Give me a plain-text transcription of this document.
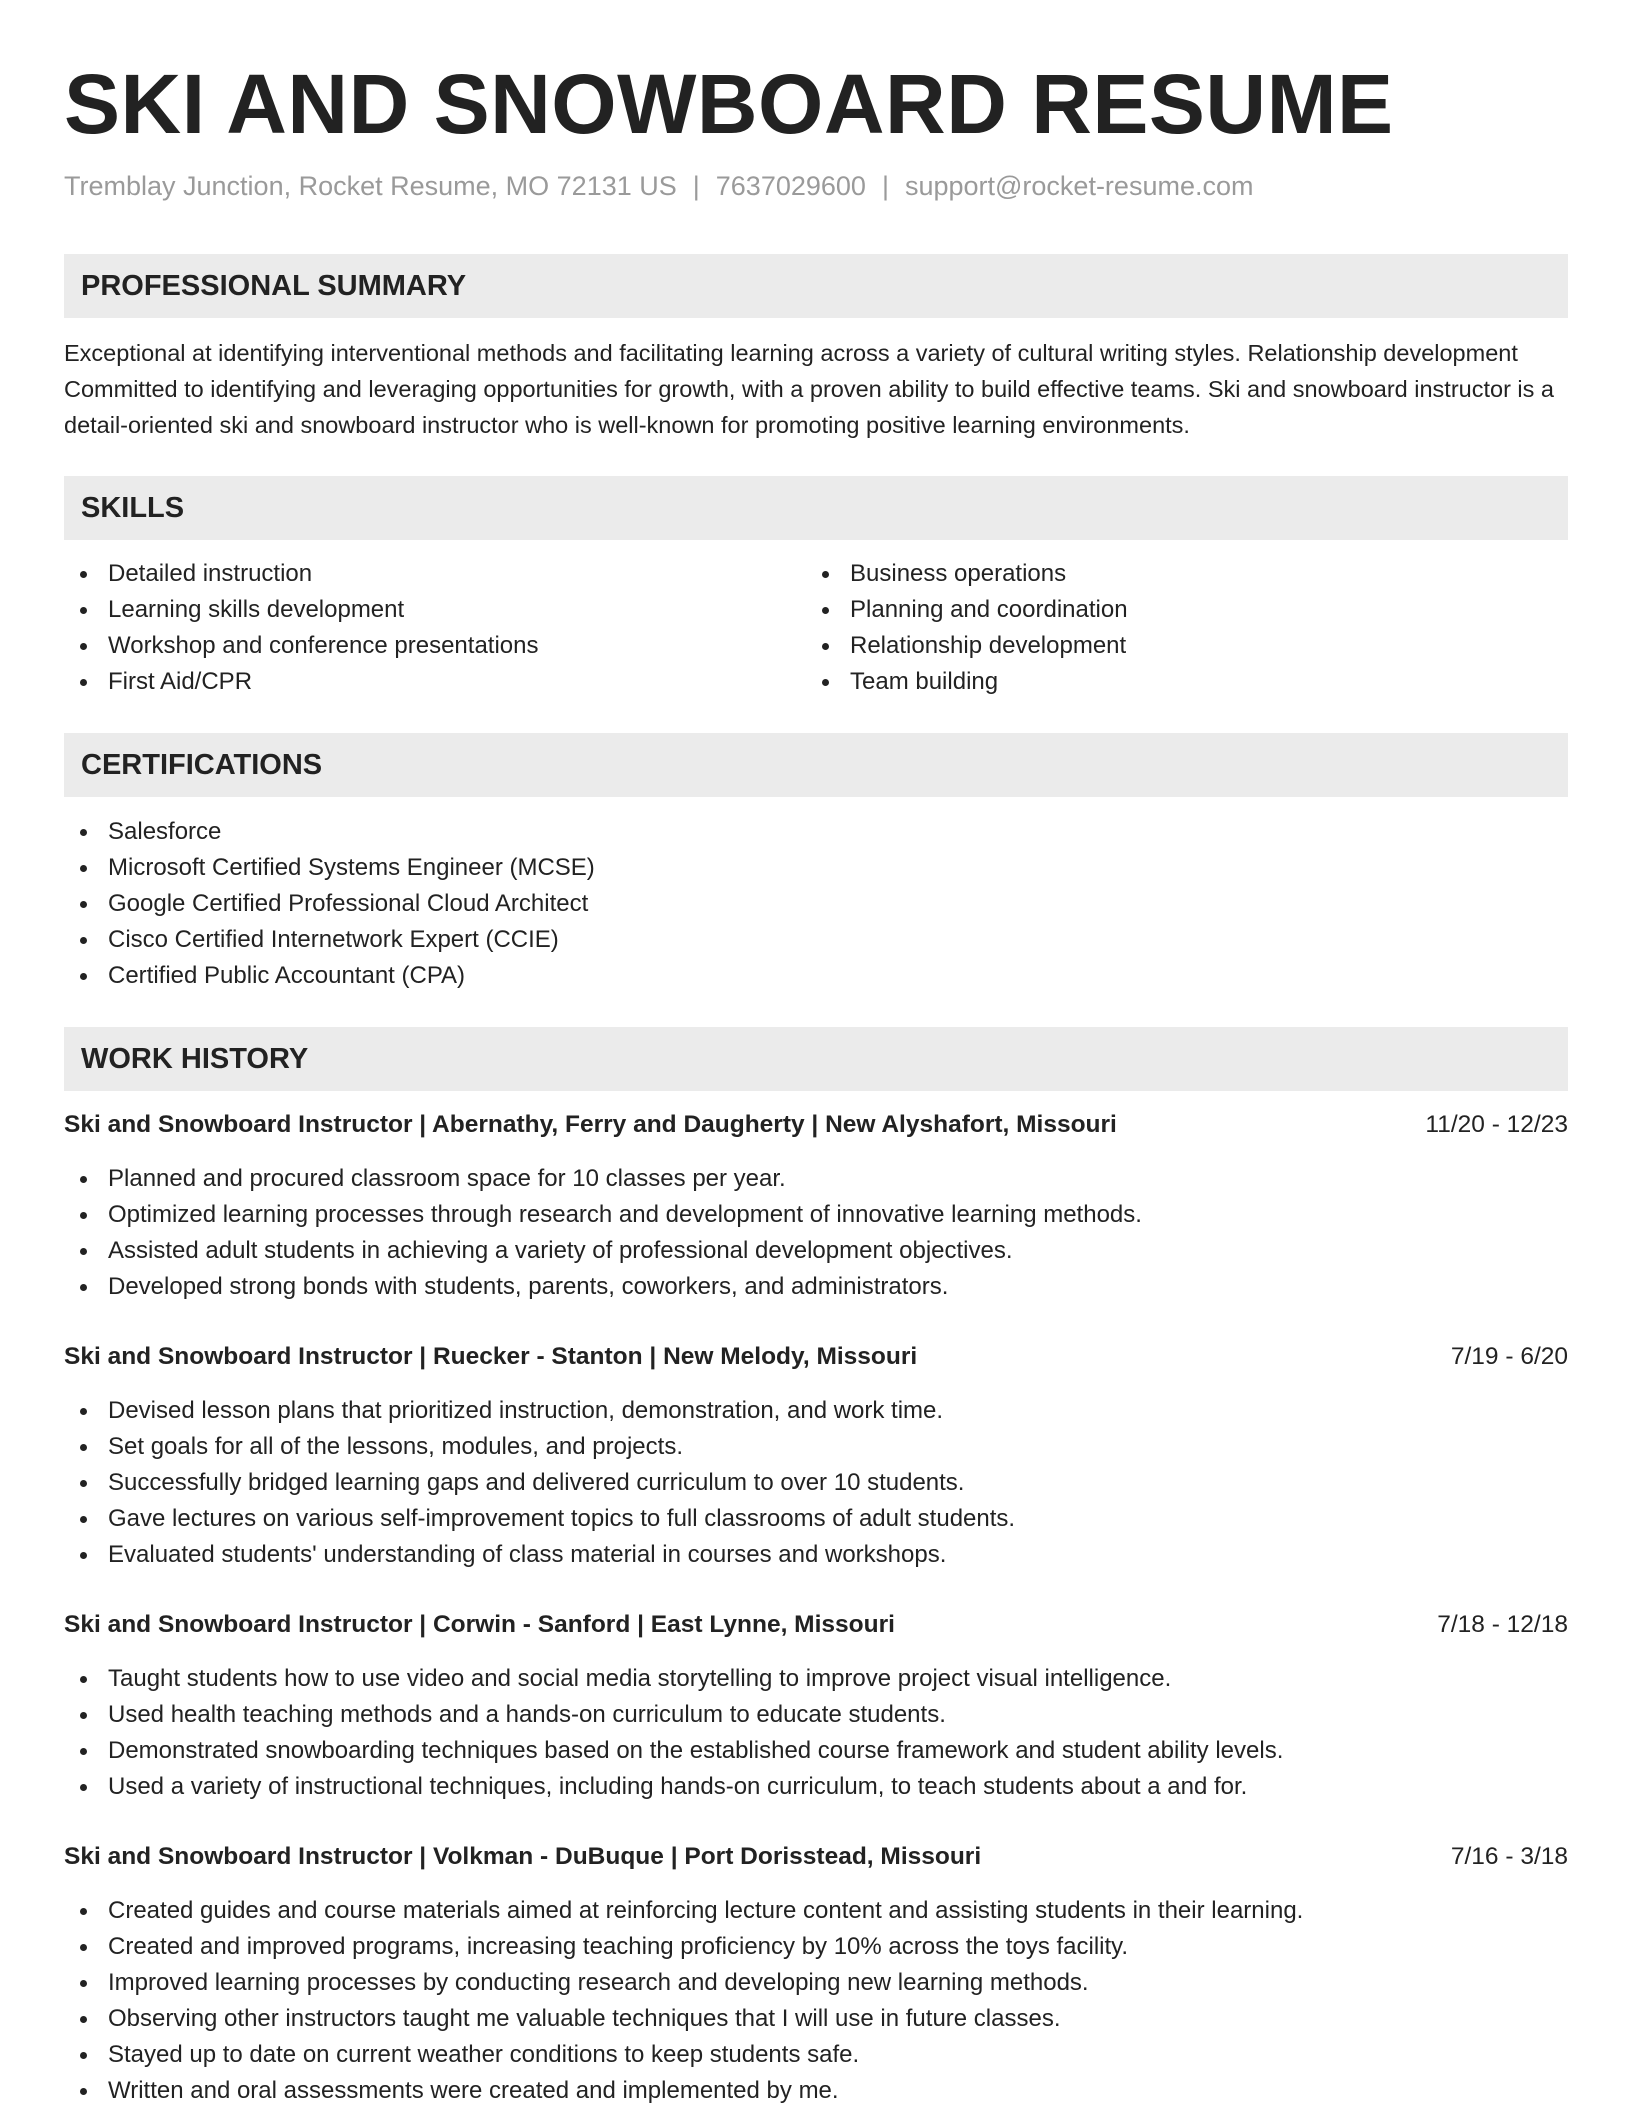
SKI AND SNOWBOARD RESUME
Tremblay Junction, Rocket Resume, MO 72131 US | 7637029600 | support@rocket-resume.com
PROFESSIONAL SUMMARY

Exceptional at identifying interventional methods and facilitating learning across a variety of cultural writing styles. Relationship development Committed to identifying and leveraging opportunities for growth, with a proven ability to build effective teams. Ski and snowboard instructor is a detail-oriented ski and snowboard instructor who is well-known for promoting positive learning environments.

SKILLS
Detailed instruction
Learning skills development
Workshop and conference presentations
First Aid/CPR
Business operations
Planning and coordination
Relationship development
Team building
CERTIFICATIONS
Salesforce
Microsoft Certified Systems Engineer (MCSE)
Google Certified Professional Cloud Architect
Cisco Certified Internetwork Expert (CCIE)
Certified Public Accountant (CPA)
WORK HISTORY
Ski and Snowboard Instructor | Abernathy, Ferry and Daugherty | New Alyshafort, Missouri	11/20 - 12/23
Planned and procured classroom space for 10 classes per year.
Optimized learning processes through research and development of innovative learning methods.
Assisted adult students in achieving a variety of professional development objectives.
Developed strong bonds with students, parents, coworkers, and administrators.
Ski and Snowboard Instructor | Ruecker - Stanton | New Melody, Missouri	7/19 - 6/20
Devised lesson plans that prioritized instruction, demonstration, and work time.
Set goals for all of the lessons, modules, and projects.
Successfully bridged learning gaps and delivered curriculum to over 10 students.
Gave lectures on various self-improvement topics to full classrooms of adult students.
Evaluated students' understanding of class material in courses and workshops.
Ski and Snowboard Instructor | Corwin - Sanford | East Lynne, Missouri	7/18 - 12/18
Taught students how to use video and social media storytelling to improve project visual intelligence.
Used health teaching methods and a hands-on curriculum to educate students.
Demonstrated snowboarding techniques based on the established course framework and student ability levels.
Used a variety of instructional techniques, including hands-on curriculum, to teach students about a and for.
Ski and Snowboard Instructor | Volkman - DuBuque | Port Dorisstead, Missouri	7/16 - 3/18
Created guides and course materials aimed at reinforcing lecture content and assisting students in their learning.
Created and improved programs, increasing teaching proficiency by 10% across the toys facility.
Improved learning processes by conducting research and developing new learning methods.
Observing other instructors taught me valuable techniques that I will use in future classes.
Stayed up to date on current weather conditions to keep students safe.
Written and oral assessments were created and implemented by me.
